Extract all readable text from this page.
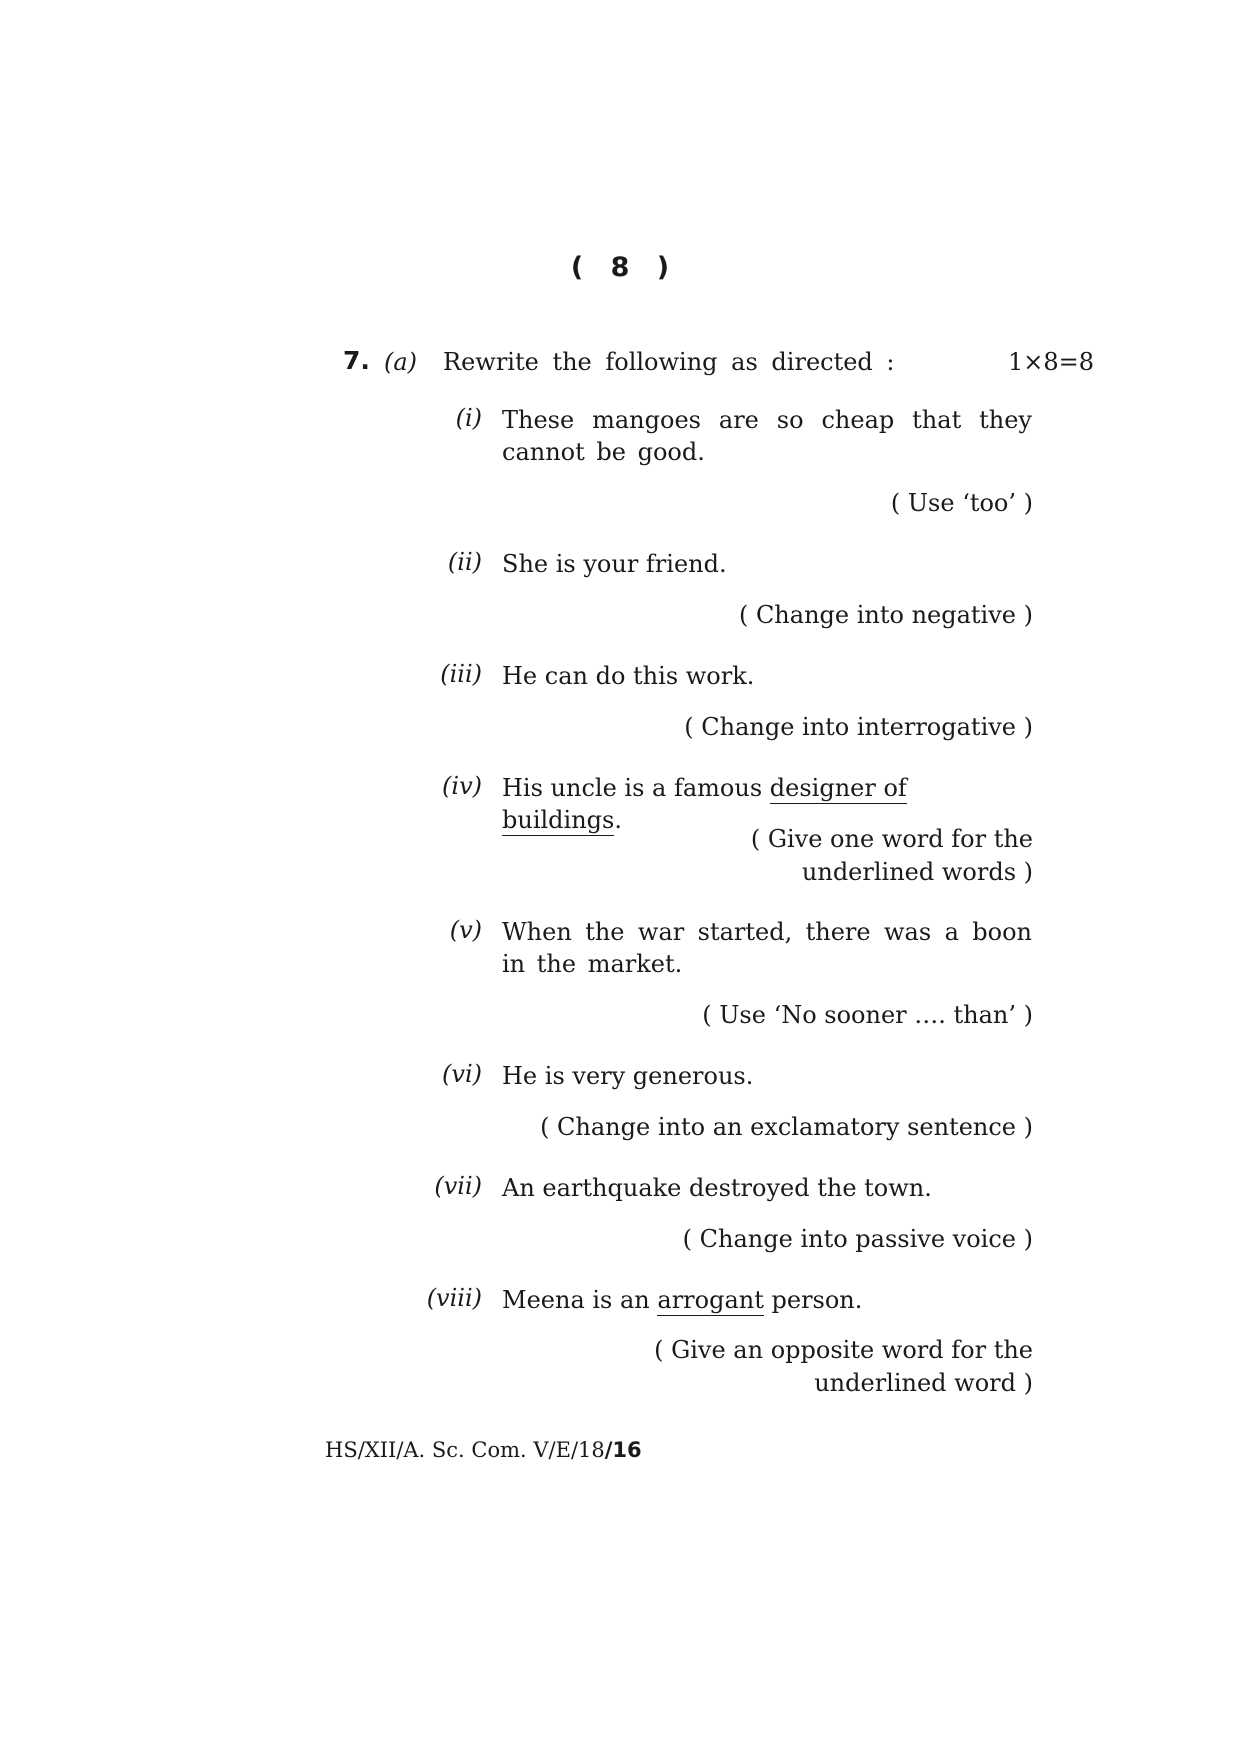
( 8 )
7. (a) Rewrite the following as directed :	1×8=8
(i) These mangoes are so cheap that they cannot be good.
( Use ‘too’ )
(ii) She is your friend.
( Change into negative )
(iii) He can do this work.
( Change into interrogative )
(iv) His uncle is a famous designer of buildings.
( Give one word for the
underlined words )
(v) When the war started, there was a boon in the market.
( Use ‘No sooner …. than’ )
(vi) He is very generous.
( Change into an exclamatory sentence )
(vii) An earthquake destroyed the town.
( Change into passive voice )
(viii) Meena is an arrogant person.
( Give an opposite word for the
underlined word )
HS/XII/A. Sc. Com. V/E/18/16
